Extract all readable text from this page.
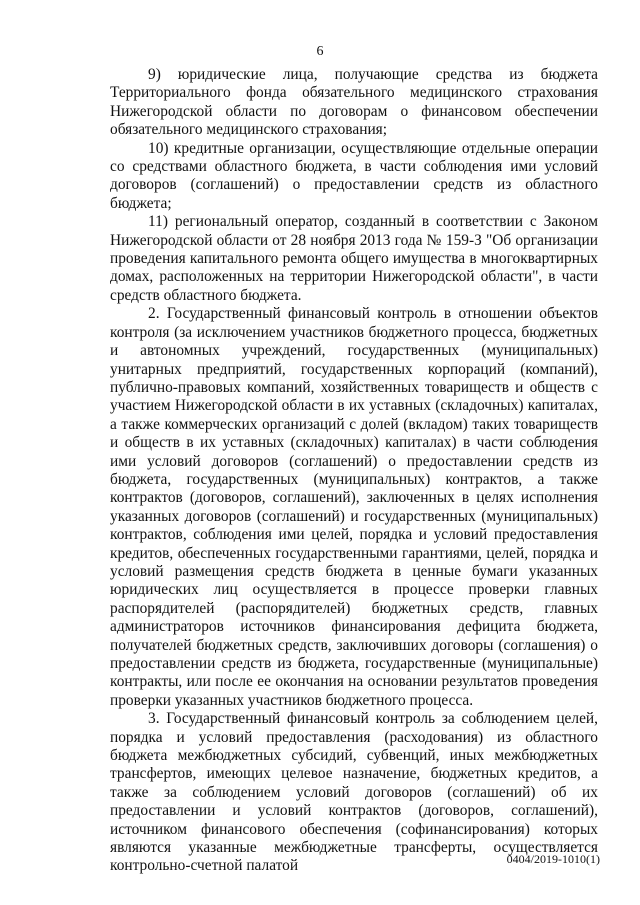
6

9) юридические лица, получающие средства из бюджета Территориального фонда обязательного медицинского страхования Нижегородской области по договорам о финансовом обеспечении обязательного медицинского страхования;

10) кредитные организации, осуществляющие отдельные операции со средствами областного бюджета, в части соблюдения ими условий договоров (соглашений) о предоставлении средств из областного бюджета;

11) региональный оператор, созданный в соответствии с Законом Нижегородской области от 28 ноября 2013 года № 159-З "Об организации проведения капитального ремонта общего имущества в многоквартирных домах, расположенных на территории Нижегородской области", в части средств областного бюджета.

2. Государственный финансовый контроль в отношении объектов контроля (за исключением участников бюджетного процесса, бюджетных и автономных учреждений, государственных (муниципальных) унитарных предприятий, государственных корпораций (компаний), публично-правовых компаний, хозяйственных товариществ и обществ с участием Нижегородской области в их уставных (складочных) капиталах, а также коммерческих организаций с долей (вкладом) таких товариществ и обществ в их уставных (складочных) капиталах) в части соблюдения ими условий договоров (соглашений) о предоставлении средств из бюджета, государственных (муниципальных) контрактов, а также контрактов (договоров, соглашений), заключенных в целях исполнения указанных договоров (соглашений) и государственных (муниципальных) контрактов, соблюдения ими целей, порядка и условий предоставления кредитов, обеспеченных государственными гарантиями, целей, порядка и условий размещения средств бюджета в ценные бумаги указанных юридических лиц осуществляется в процессе проверки главных распорядителей (распорядителей) бюджетных средств, главных администраторов источников финансирования дефицита бюджета, получателей бюджетных средств, заключивших договоры (соглашения) о предоставлении средств из бюджета, государственные (муниципальные) контракты, или после ее окончания на основании результатов проведения проверки указанных участников бюджетного процесса.

3. Государственный финансовый контроль за соблюдением целей, порядка и условий предоставления (расходования) из областного бюджета межбюджетных субсидий, субвенций, иных межбюджетных трансфертов, имеющих целевое назначение, бюджетных кредитов, а также за соблюдением условий договоров (соглашений) об их предоставлении и условий контрактов (договоров, соглашений), источником финансового обеспечения (софинансирования) которых являются указанные межбюджетные трансферты, осуществляется контрольно-счетной палатой	0404/2019-1010(1)
